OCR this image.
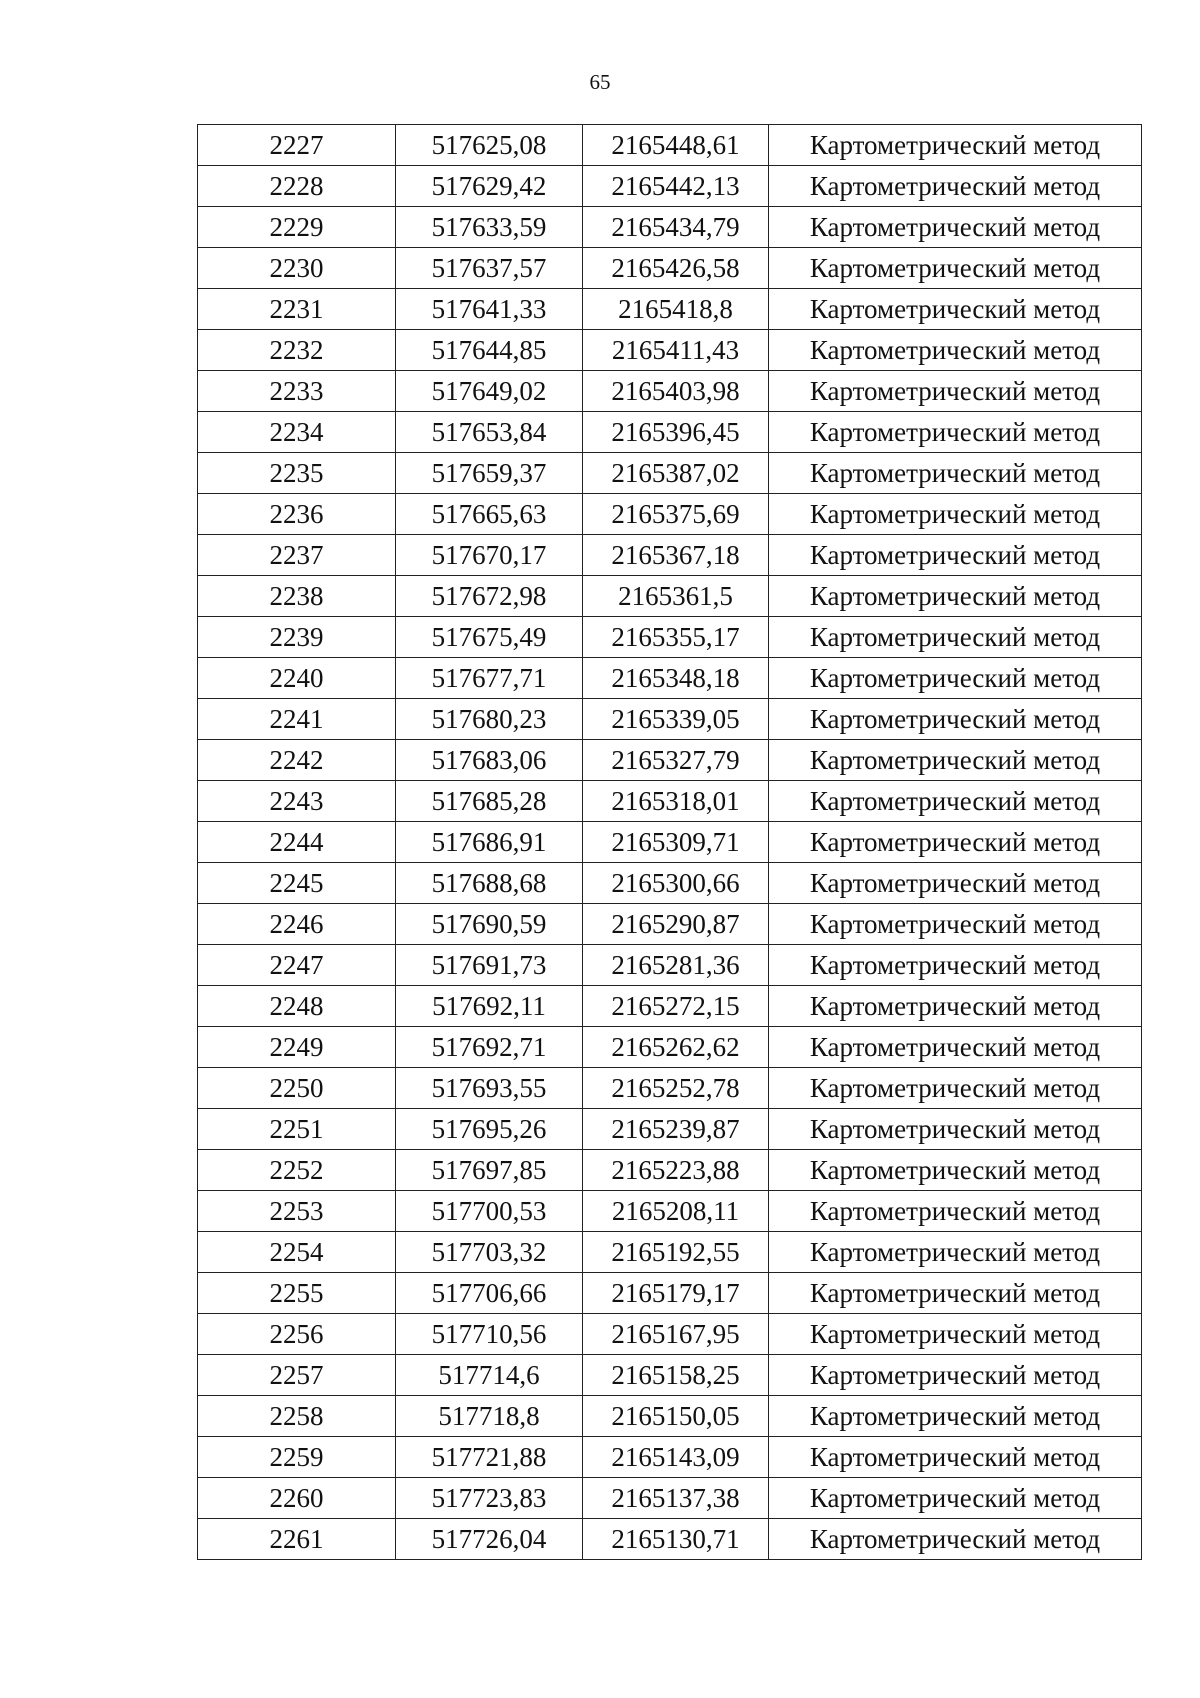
65
2227	517625,08	2165448,61	Картометрический метод
2228	517629,42	2165442,13	Картометрический метод
2229	517633,59	2165434,79	Картометрический метод
2230	517637,57	2165426,58	Картометрический метод
2231	517641,33	2165418,8	Картометрический метод
2232	517644,85	2165411,43	Картометрический метод
2233	517649,02	2165403,98	Картометрический метод
2234	517653,84	2165396,45	Картометрический метод
2235	517659,37	2165387,02	Картометрический метод
2236	517665,63	2165375,69	Картометрический метод
2237	517670,17	2165367,18	Картометрический метод
2238	517672,98	2165361,5	Картометрический метод
2239	517675,49	2165355,17	Картометрический метод
2240	517677,71	2165348,18	Картометрический метод
2241	517680,23	2165339,05	Картометрический метод
2242	517683,06	2165327,79	Картометрический метод
2243	517685,28	2165318,01	Картометрический метод
2244	517686,91	2165309,71	Картометрический метод
2245	517688,68	2165300,66	Картометрический метод
2246	517690,59	2165290,87	Картометрический метод
2247	517691,73	2165281,36	Картометрический метод
2248	517692,11	2165272,15	Картометрический метод
2249	517692,71	2165262,62	Картометрический метод
2250	517693,55	2165252,78	Картометрический метод
2251	517695,26	2165239,87	Картометрический метод
2252	517697,85	2165223,88	Картометрический метод
2253	517700,53	2165208,11	Картометрический метод
2254	517703,32	2165192,55	Картометрический метод
2255	517706,66	2165179,17	Картометрический метод
2256	517710,56	2165167,95	Картометрический метод
2257	517714,6	2165158,25	Картометрический метод
2258	517718,8	2165150,05	Картометрический метод
2259	517721,88	2165143,09	Картометрический метод
2260	517723,83	2165137,38	Картометрический метод
2261	517726,04	2165130,71	Картометрический метод
